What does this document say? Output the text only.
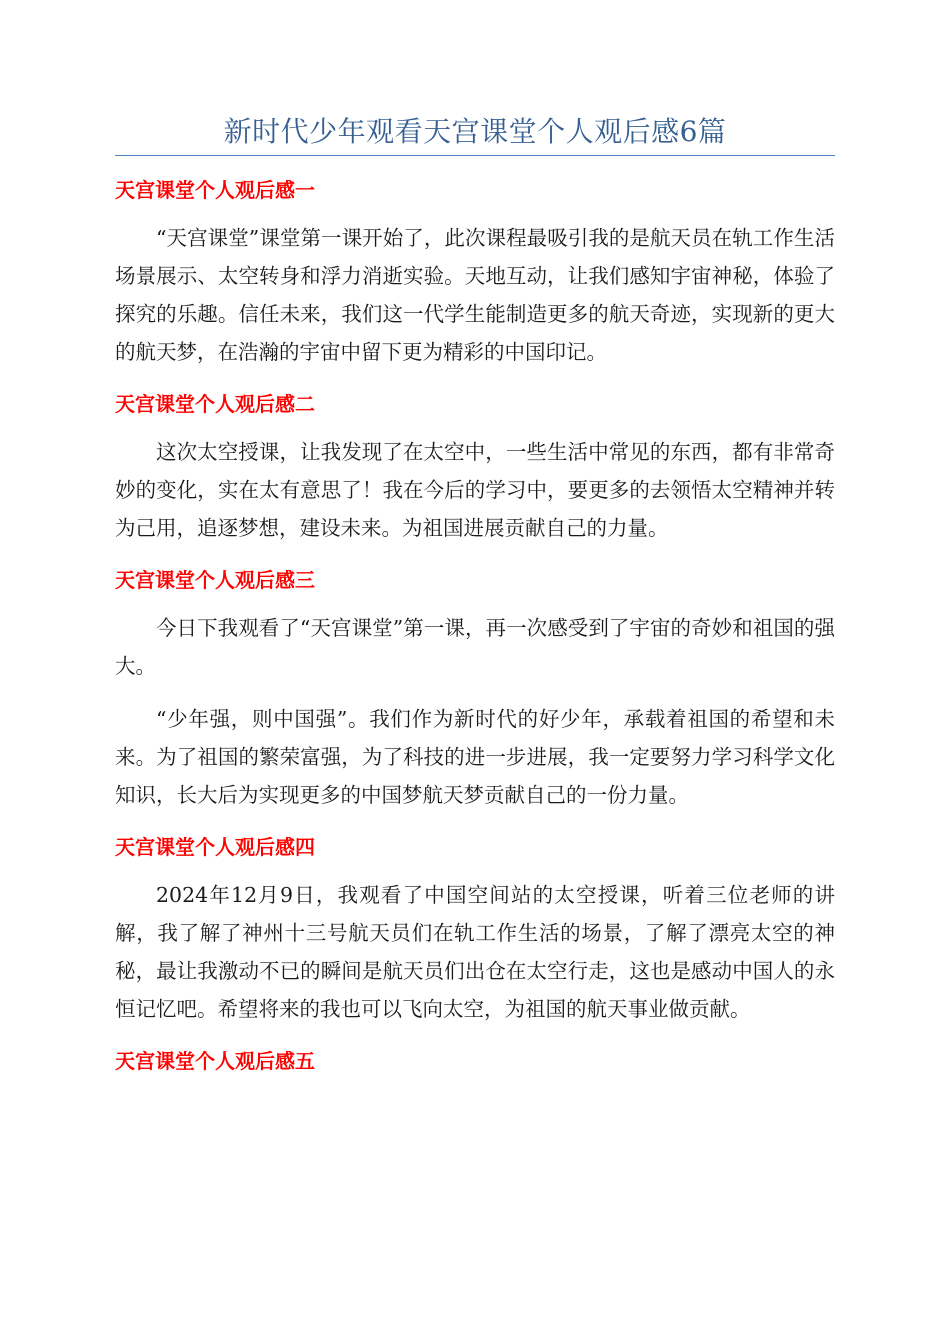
新时代少年观看天宫课堂个人观后感6篇
天宫课堂个人观后感一

“天宫课堂”课堂第一课开始了，此次课程最吸引我的是航天员在轨工作生活场景展示、太空转身和浮力消逝实验。天地互动，让我们感知宇宙神秘，体验了探究的乐趣。信任未来，我们这一代学生能制造更多的航天奇迹，实现新的更大的航天梦，在浩瀚的宇宙中留下更为精彩的中国印记。

天宫课堂个人观后感二

这次太空授课，让我发现了在太空中，一些生活中常见的东西，都有非常奇妙的变化，实在太有意思了！我在今后的学习中，要更多的去领悟太空精神并转为己用，追逐梦想，建设未来。为祖国进展贡献自己的力量。

天宫课堂个人观后感三

今日下我观看了“天宫课堂”第一课，再一次感受到了宇宙的奇妙和祖国的强大。

“少年强，则中国强”。我们作为新时代的好少年，承载着祖国的希望和未来。为了祖国的繁荣富强，为了科技的进一步进展，我一定要努力学习科学文化知识，长大后为实现更多的中国梦航天梦贡献自己的一份力量。

天宫课堂个人观后感四

2024年12月9日，我观看了中国空间站的太空授课，听着三位老师的讲解，我了解了神州十三号航天员们在轨工作生活的场景，了解了漂亮太空的神秘，最让我激动不已的瞬间是航天员们出仓在太空行走，这也是感动中国人的永恒记忆吧。希望将来的我也可以飞向太空，为祖国的航天事业做贡献。

天宫课堂个人观后感五
